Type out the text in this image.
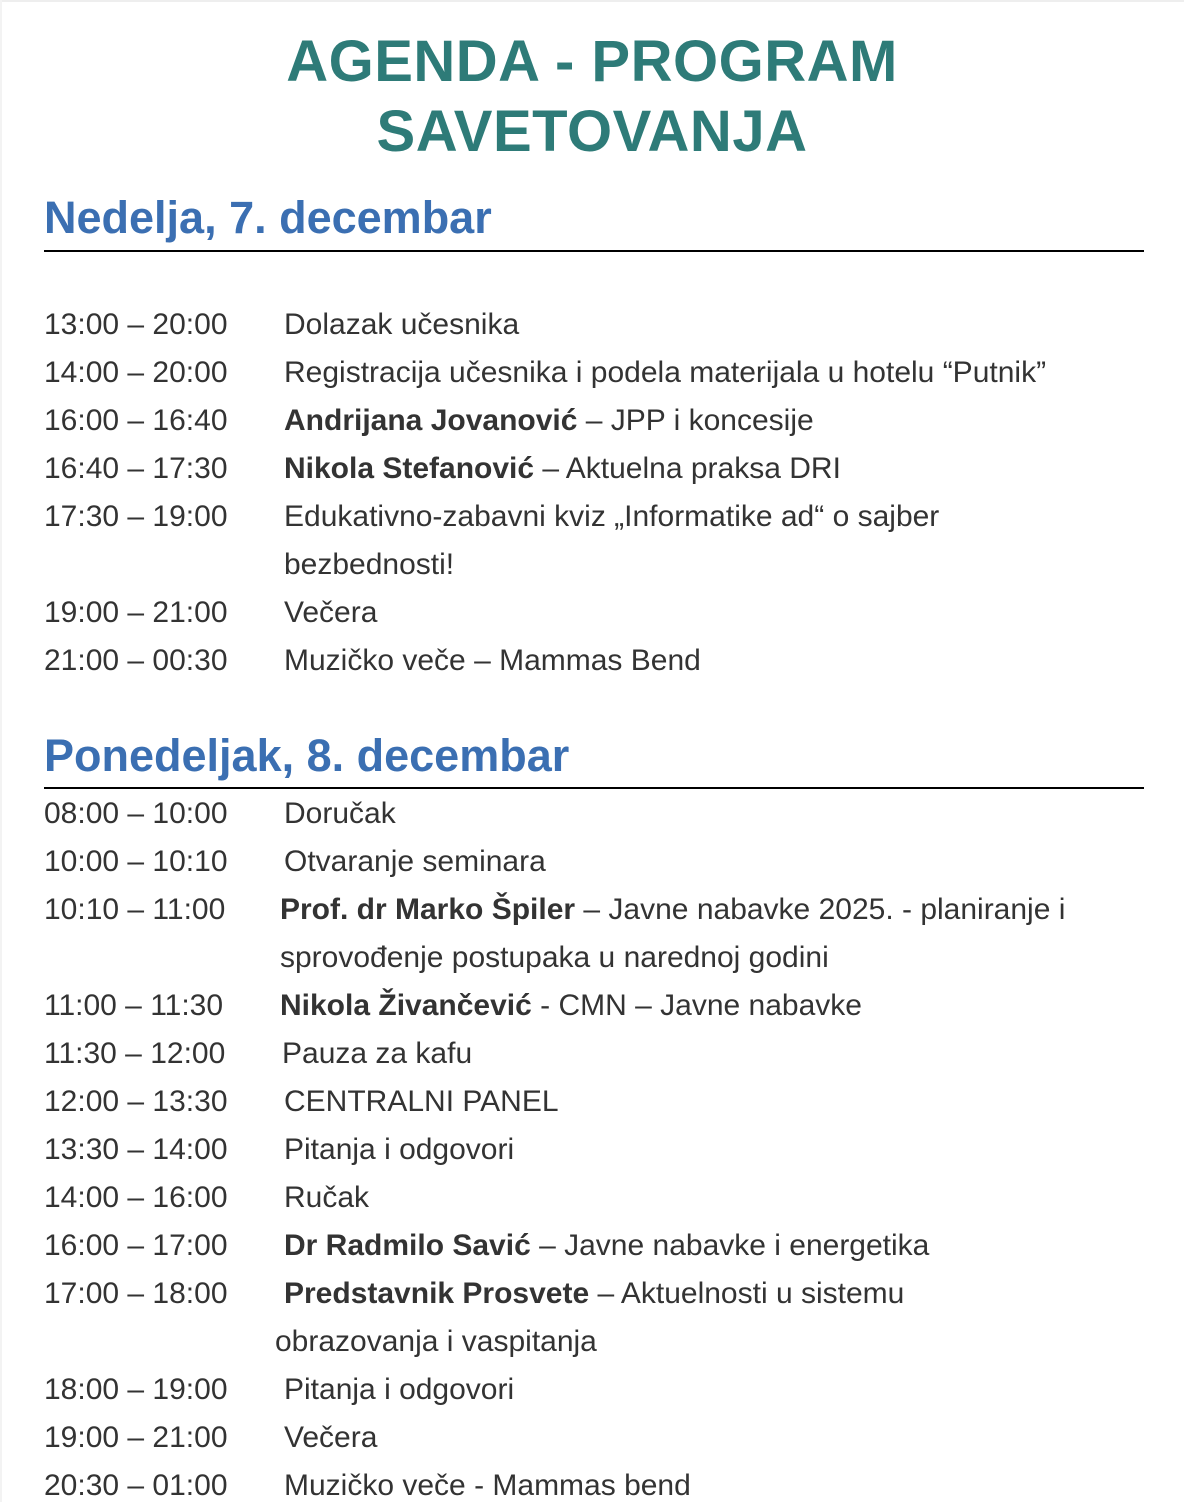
AGENDA - PROGRAM
SAVETOVANJA
Nedelja, 7. decembar
13:00 – 20:00	Dolazak učesnika
14:00 – 20:00	Registracija učesnika i podela materijala u hotelu “Putnik”
16:00 – 16:40	Andrijana Jovanović – JPP i koncesije
16:40 – 17:30	Nikola Stefanović – Aktuelna praksa DRI
17:30 – 19:00	Edukativno-zabavni kviz „Informatike ad“ o sajber bezbednosti!
19:00 – 21:00	Večera
21:00 – 00:30	Muzičko veče – Mammas Bend
Ponedeljak, 8. decembar
08:00 – 10:00	Doručak
10:00 – 10:10	Otvaranje seminara
10:10 – 11:00	Prof. dr Marko Špiler – Javne nabavke 2025. - planiranje i sprovođenje postupaka u narednoj godini
11:00 – 11:30	Nikola Živančević - CMN – Javne nabavke
11:30 – 12:00	Pauza za kafu
12:00 – 13:30	CENTRALNI PANEL
13:30 – 14:00	Pitanja i odgovori
14:00 – 16:00	Ručak
16:00 – 17:00	Dr Radmilo Savić – Javne nabavke i energetika
17:00 – 18:00	Predstavnik Prosvete – Aktuelnosti u sistemu obrazovanja i vaspitanja
18:00 – 19:00	Pitanja i odgovori
19:00 – 21:00	Večera
20:30 – 01:00	Muzičko veče - Mammas bend
